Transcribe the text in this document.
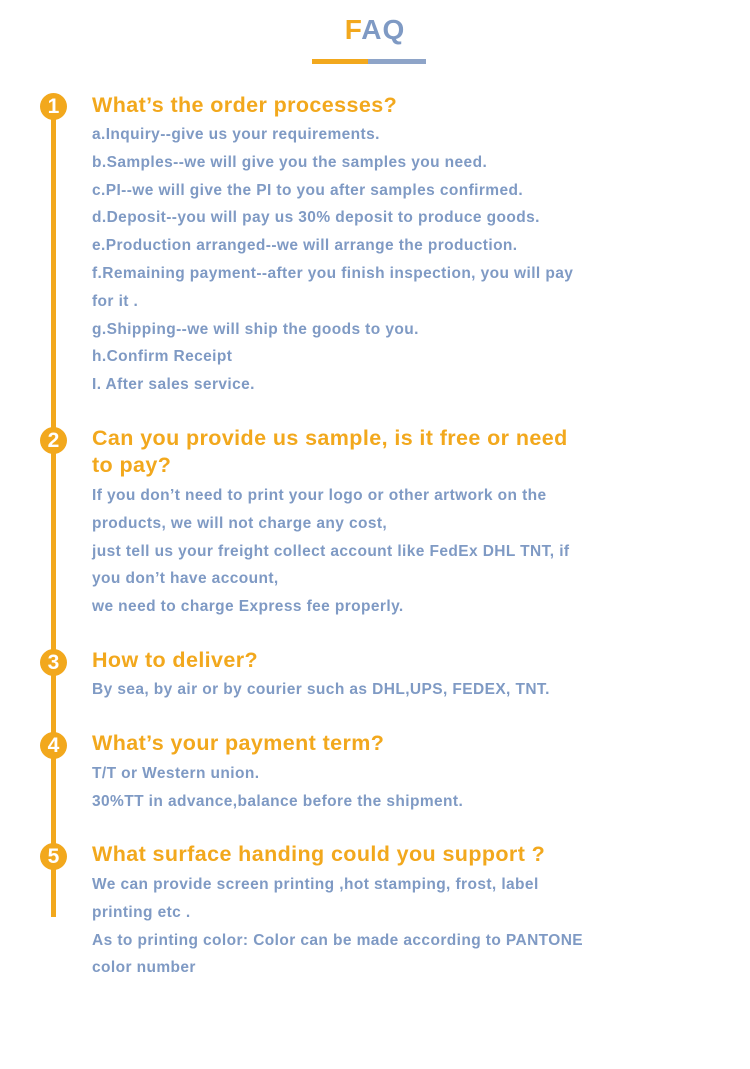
FAQ
1	What’s the order processes?
a.Inquiry--give us your requirements.
b.Samples--we will give you the samples you need.
c.PI--we will give the PI to you after samples confirmed.
d.Deposit--you will pay us 30% deposit to produce goods.
e.Production arranged--we will arrange the production.
f.Remaining payment--after you finish inspection, you will pay
for it .
g.Shipping--we will ship the goods to you.
h.Confirm Receipt
I. After sales service.
2	Can you provide us sample, is it free or need
to pay?
If you don’t need to print your logo or other artwork on the
products, we will not charge any cost,
just tell us your freight collect account like FedEx DHL TNT, if
you don’t have account,
we need to charge Express fee properly.
3	How to deliver?
By sea, by air or by courier such as DHL,UPS, FEDEX, TNT.
4	What’s your payment term?
T/T or Western union.
30%TT in advance,balance before the shipment.
5	What surface handing could you support ?
We can provide screen printing ,hot stamping, frost, label
printing etc .
As to printing color: Color can be made according to PANTONE
color number
